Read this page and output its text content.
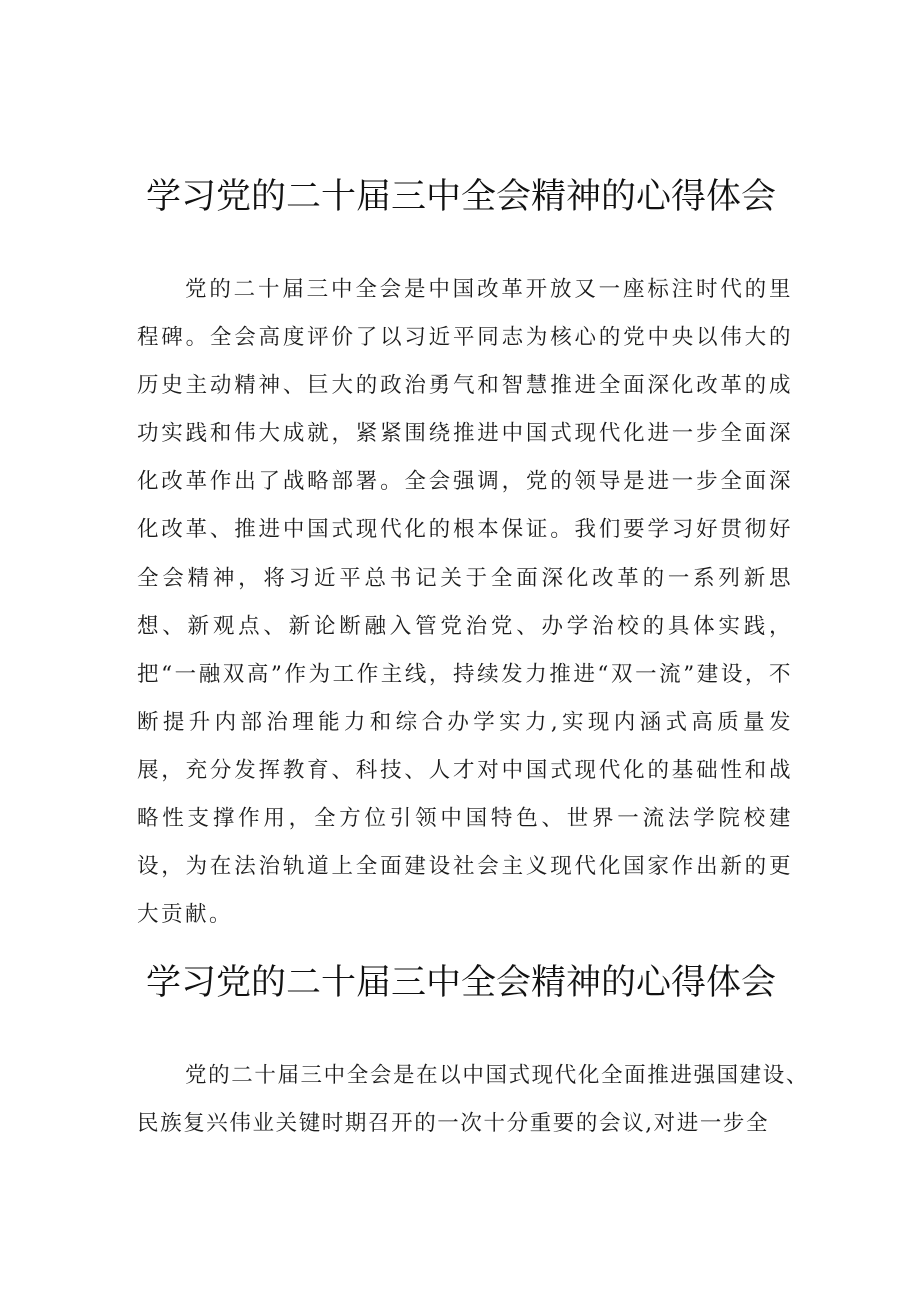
学习党的二十届三中全会精神的心得体会

党的二十届三中全会是中国改革开放又一座标注时代的里程碑。全会高度评价了以习近平同志为核心的党中央以伟大的历史主动精神、巨大的政治勇气和智慧推进全面深化改革的成功实践和伟大成就，紧紧围绕推进中国式现代化进一步全面深化改革作出了战略部署。全会强调，党的领导是进一步全面深化改革、推进中国式现代化的根本保证。我们要学习好贯彻好全会精神，将习近平总书记关于全面深化改革的一系列新思想、新观点、新论断融入管党治党、办学治校的具体实践，把“一融双高”作为工作主线，持续发力推进“双一流”建设，不断提升内部治理能力和综合办学实力,实现内涵式高质量发展，充分发挥教育、科技、人才对中国式现代化的基础性和战略性支撑作用，全方位引领中国特色、世界一流法学院校建设，为在法治轨道上全面建设社会主义现代化国家作出新的更大贡献。

学习党的二十届三中全会精神的心得体会

党的二十届三中全会是在以中国式现代化全面推进强国建设、民族复兴伟业关键时期召开的一次十分重要的会议,对进一步全
